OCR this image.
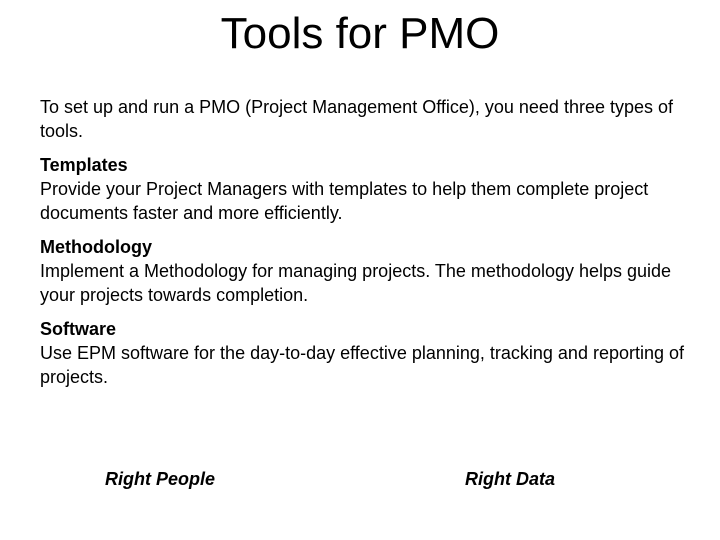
Tools for PMO

To set up and run a PMO (Project Management Office), you need three types of tools.

Templates
Provide your Project Managers with templates to help them complete project documents faster and more efficiently.
Methodology
Implement a Methodology for managing projects. The methodology helps guide your projects towards completion.
Software
Use EPM software for the day-to-day effective planning, tracking and reporting of projects.
Right People	Right Data
